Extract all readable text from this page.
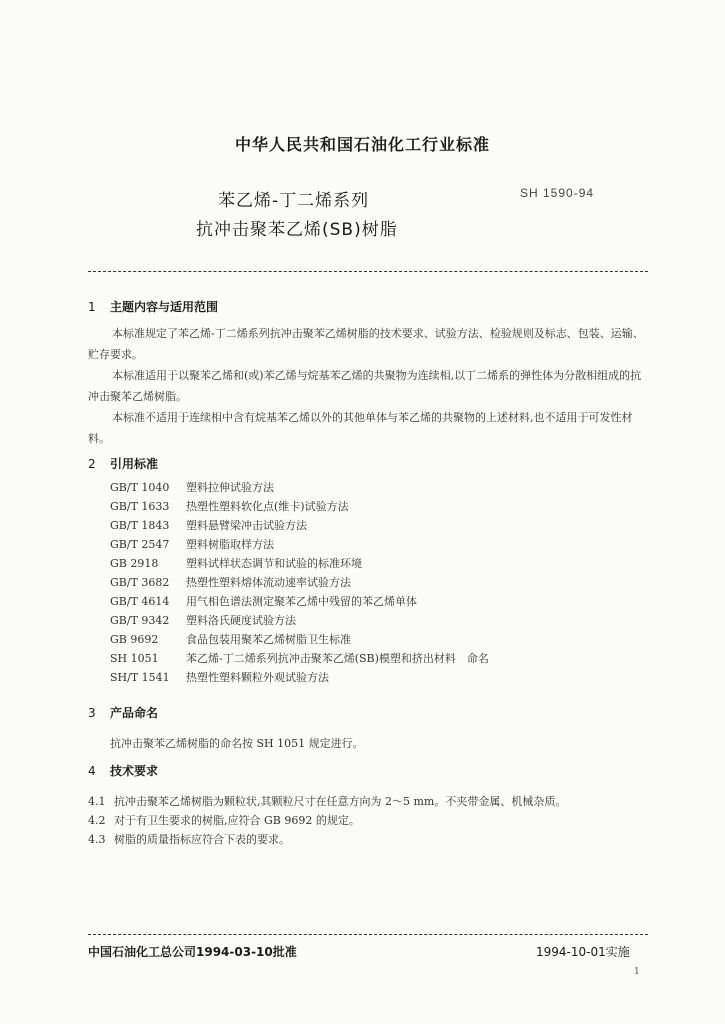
中华人民共和国石油化工行业标准
苯乙烯-丁二烯系列
抗冲击聚苯乙烯(SB)树脂
SH 1590-94
1 主题内容与适用范围
本标准规定了苯乙烯-丁二烯系列抗冲击聚苯乙烯树脂的技术要求、试验方法、检验规则及标志、包装、运输、贮存要求。
本标准适用于以聚苯乙烯和(或)苯乙烯与烷基苯乙烯的共聚物为连续相,以丁二烯系的弹性体为分散相组成的抗冲击聚苯乙烯树脂。
本标准不适用于连续相中含有烷基苯乙烯以外的其他单体与苯乙烯的共聚物的上述材料,也不适用于可发性材料。
2 引用标准
GB/T 1040 塑料拉伸试验方法
GB/T 1633 热塑性塑料软化点(维卡)试验方法
GB/T 1843 塑料悬臂梁冲击试验方法
GB/T 2547 塑料树脂取样方法
GB 2918	塑料试样状态调节和试验的标准环境
GB/T 3682 热塑性塑料熔体流动速率试验方法
GB/T 4614 用气相色谱法测定聚苯乙烯中残留的苯乙烯单体
GB/T 9342 塑料洛氏硬度试验方法
GB 9692	食品包装用聚苯乙烯树脂卫生标准
SH 1051 苯乙烯-丁二烯系列抗冲击聚苯乙烯(SB)模塑和挤出材料　命名
SH/T 1541 热塑性塑料颗粒外观试验方法
3 产品命名
抗冲击聚苯乙烯树脂的命名按 SH 1051 规定进行。
4 技术要求
4.1 抗冲击聚苯乙烯树脂为颗粒状,其颗粒尺寸在任意方向为 2～5 mm。不夹带金属、机械杂质。
4.2 对于有卫生要求的树脂,应符合 GB 9692 的规定。
4.3 树脂的质量指标应符合下表的要求。
中国石油化工总公司1994-03-10批准	1994-10-01实施
1
